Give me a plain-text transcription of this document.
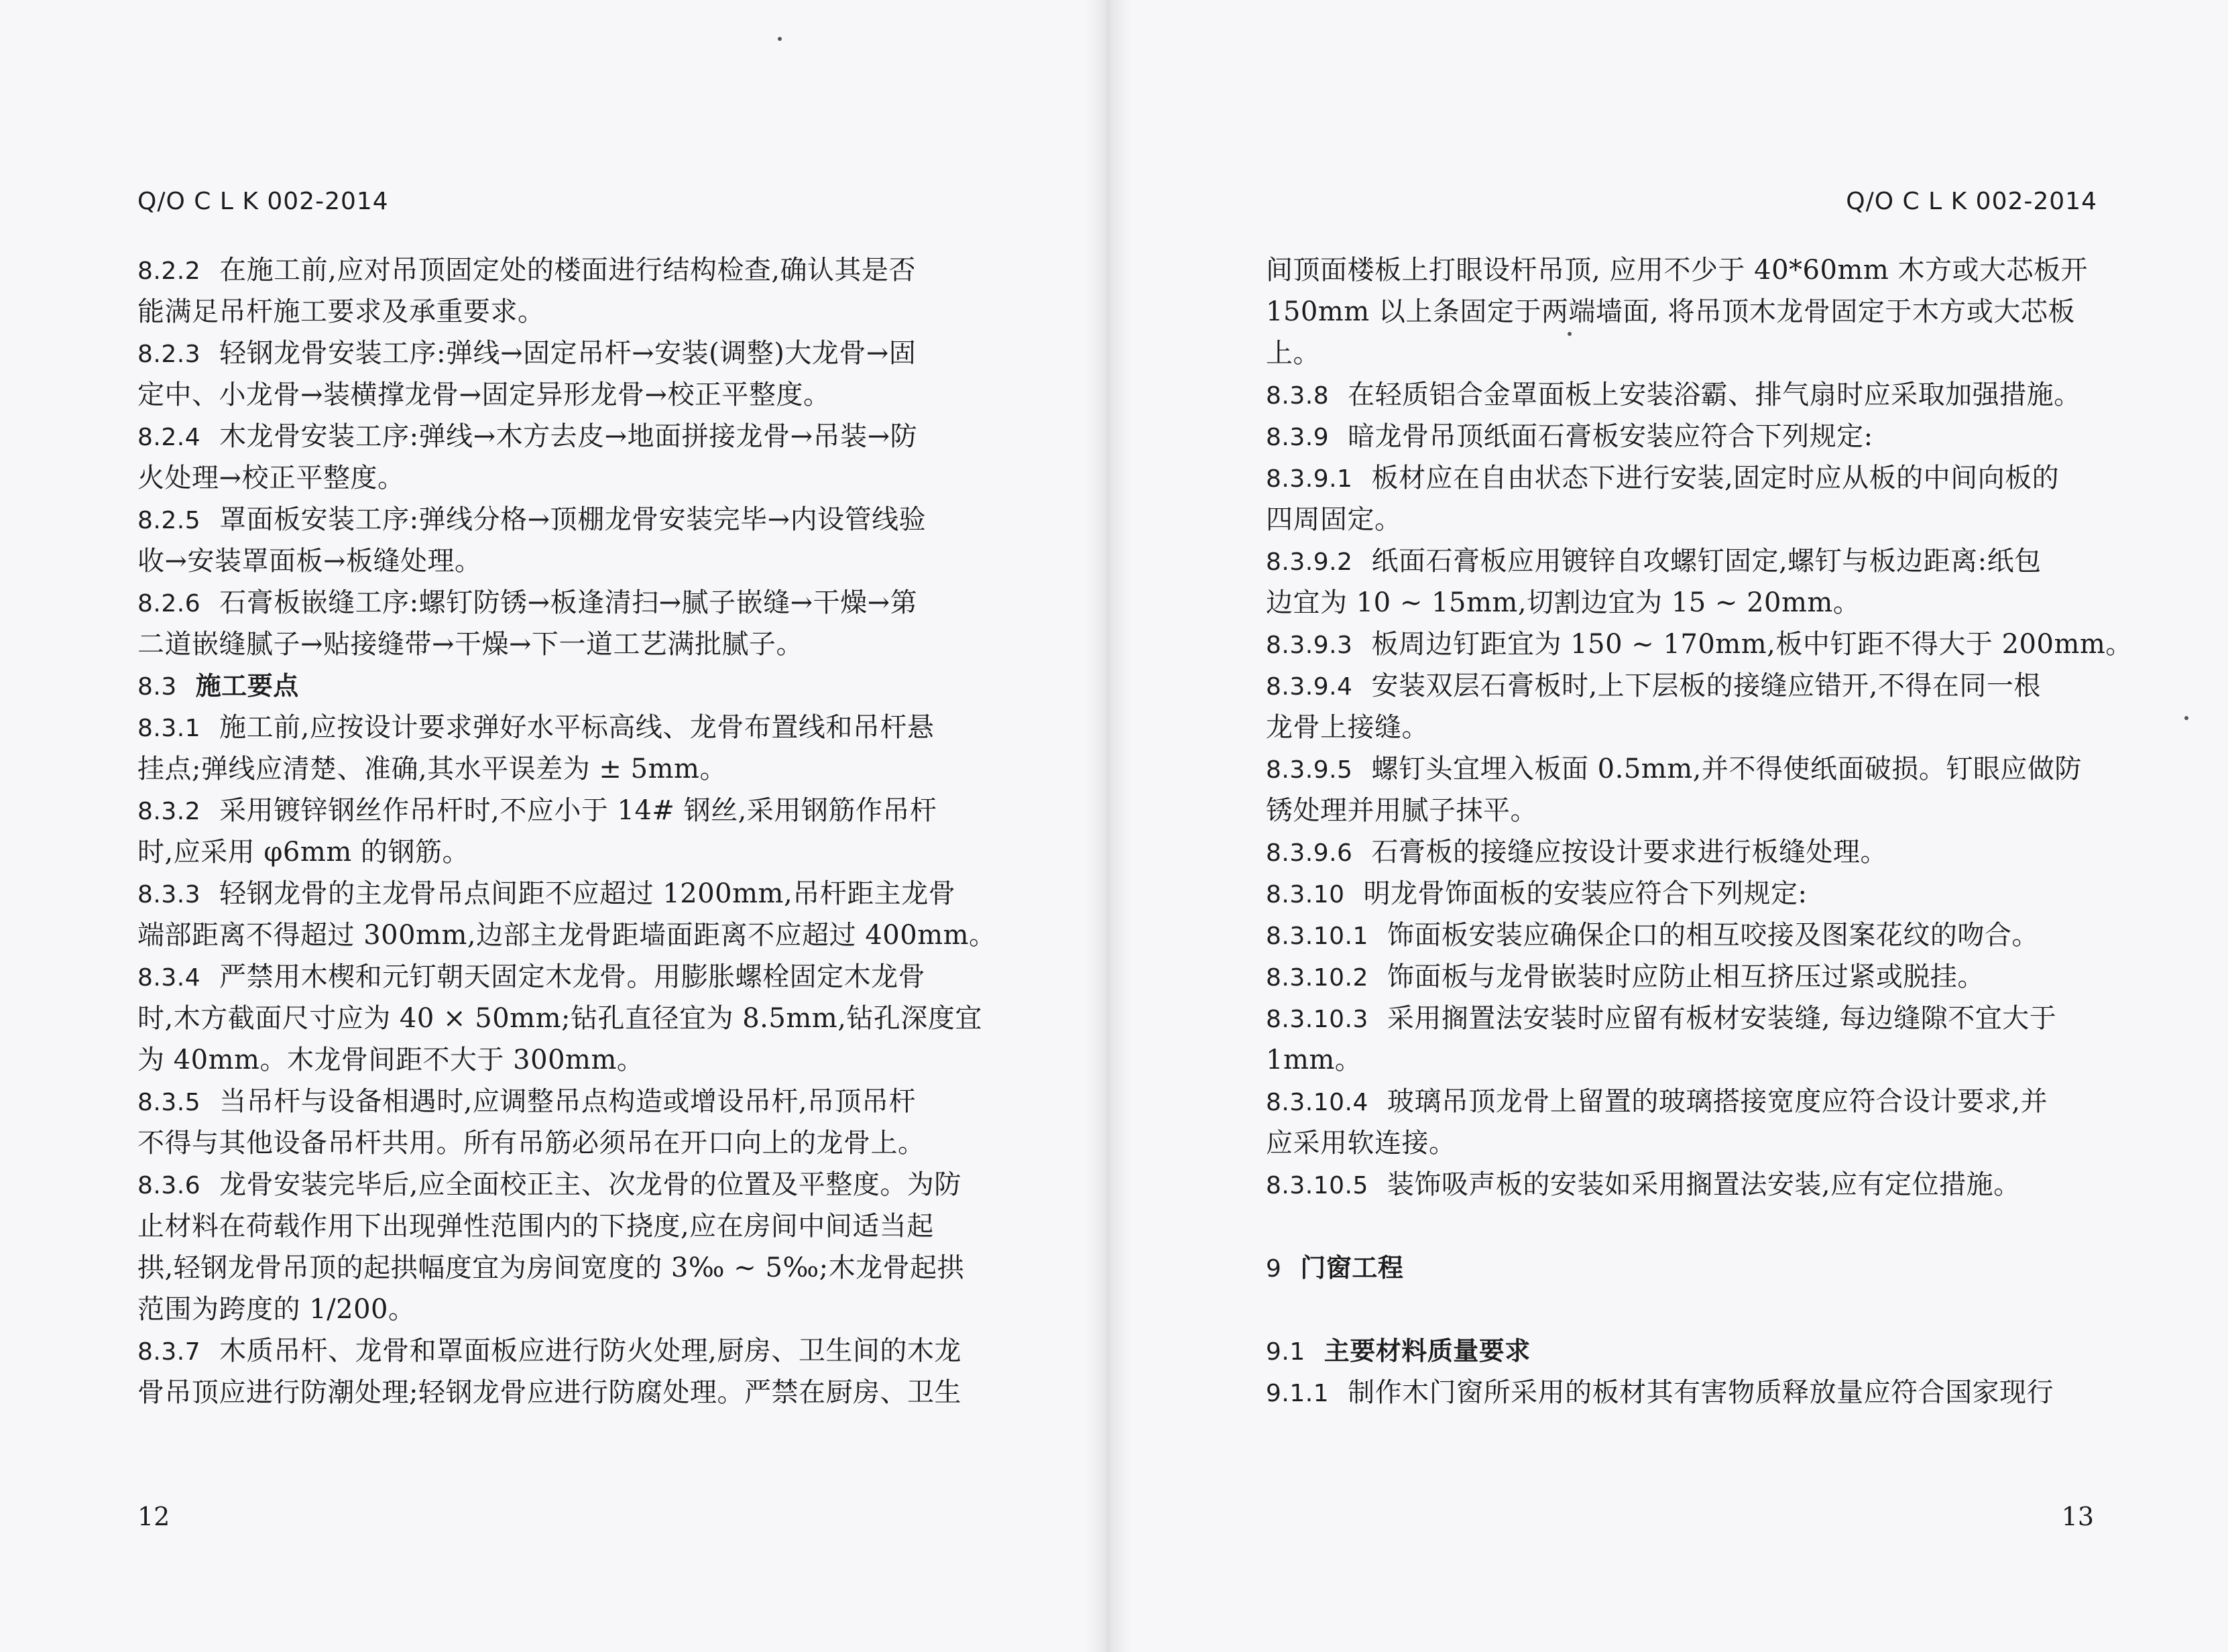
Q/O C L K 002-2014
8.2.2 在施工前,应对吊顶固定处的楼面进行结构检查,确认其是否
能满足吊杆施工要求及承重要求。
8.2.3 轻钢龙骨安装工序:弹线→固定吊杆→安装(调整)大龙骨→固
定中、小龙骨→装横撑龙骨→固定异形龙骨→校正平整度。
8.2.4 木龙骨安装工序:弹线→木方去皮→地面拼接龙骨→吊装→防
火处理→校正平整度。
8.2.5 罩面板安装工序:弹线分格→顶棚龙骨安装完毕→内设管线验
收→安装罩面板→板缝处理。
8.2.6 石膏板嵌缝工序:螺钉防锈→板逢清扫→腻子嵌缝→干燥→第
二道嵌缝腻子→贴接缝带→干燥→下一道工艺满批腻子。
8.3 施工要点
8.3.1 施工前,应按设计要求弹好水平标高线、龙骨布置线和吊杆悬
挂点;弹线应清楚、准确,其水平误差为 ± 5mm。
8.3.2 采用镀锌钢丝作吊杆时,不应小于 14# 钢丝,采用钢筋作吊杆
时,应采用 φ6mm 的钢筋。
8.3.3 轻钢龙骨的主龙骨吊点间距不应超过 1200mm,吊杆距主龙骨
端部距离不得超过 300mm,边部主龙骨距墙面距离不应超过 400mm。
8.3.4 严禁用木楔和元钉朝天固定木龙骨。用膨胀螺栓固定木龙骨
时,木方截面尺寸应为 40 × 50mm;钻孔直径宜为 8.5mm,钻孔深度宜
为 40mm。木龙骨间距不大于 300mm。
8.3.5 当吊杆与设备相遇时,应调整吊点构造或增设吊杆,吊顶吊杆
不得与其他设备吊杆共用。所有吊筋必须吊在开口向上的龙骨上。
8.3.6 龙骨安装完毕后,应全面校正主、次龙骨的位置及平整度。为防
止材料在荷载作用下出现弹性范围内的下挠度,应在房间中间适当起
拱,轻钢龙骨吊顶的起拱幅度宜为房间宽度的 3‰ ~ 5‰;木龙骨起拱
范围为跨度的 1/200。
8.3.7 木质吊杆、龙骨和罩面板应进行防火处理,厨房、卫生间的木龙
骨吊顶应进行防潮处理;轻钢龙骨应进行防腐处理。严禁在厨房、卫生
12
Q/O C L K 002-2014
间顶面楼板上打眼设杆吊顶, 应用不少于 40*60mm 木方或大芯板开
150mm 以上条固定于两端墙面, 将吊顶木龙骨固定于木方或大芯板
上。
8.3.8 在轻质铝合金罩面板上安装浴霸、排气扇时应采取加强措施。
8.3.9 暗龙骨吊顶纸面石膏板安装应符合下列规定:
8.3.9.1 板材应在自由状态下进行安装,固定时应从板的中间向板的
四周固定。
8.3.9.2 纸面石膏板应用镀锌自攻螺钉固定,螺钉与板边距离:纸包
边宜为 10 ~ 15mm,切割边宜为 15 ~ 20mm。
8.3.9.3 板周边钉距宜为 150 ~ 170mm,板中钉距不得大于 200mm。
8.3.9.4 安装双层石膏板时,上下层板的接缝应错开,不得在同一根
龙骨上接缝。
8.3.9.5 螺钉头宜埋入板面 0.5mm,并不得使纸面破损。钉眼应做防
锈处理并用腻子抹平。
8.3.9.6 石膏板的接缝应按设计要求进行板缝处理。
8.3.10 明龙骨饰面板的安装应符合下列规定:
8.3.10.1 饰面板安装应确保企口的相互咬接及图案花纹的吻合。
8.3.10.2 饰面板与龙骨嵌装时应防止相互挤压过紧或脱挂。
8.3.10.3 采用搁置法安装时应留有板材安装缝, 每边缝隙不宜大于
1mm。
8.3.10.4 玻璃吊顶龙骨上留置的玻璃搭接宽度应符合设计要求,并
应采用软连接。
8.3.10.5 装饰吸声板的安装如采用搁置法安装,应有定位措施。
9 门窗工程
9.1 主要材料质量要求
9.1.1 制作木门窗所采用的板材其有害物质释放量应符合国家现行
13
